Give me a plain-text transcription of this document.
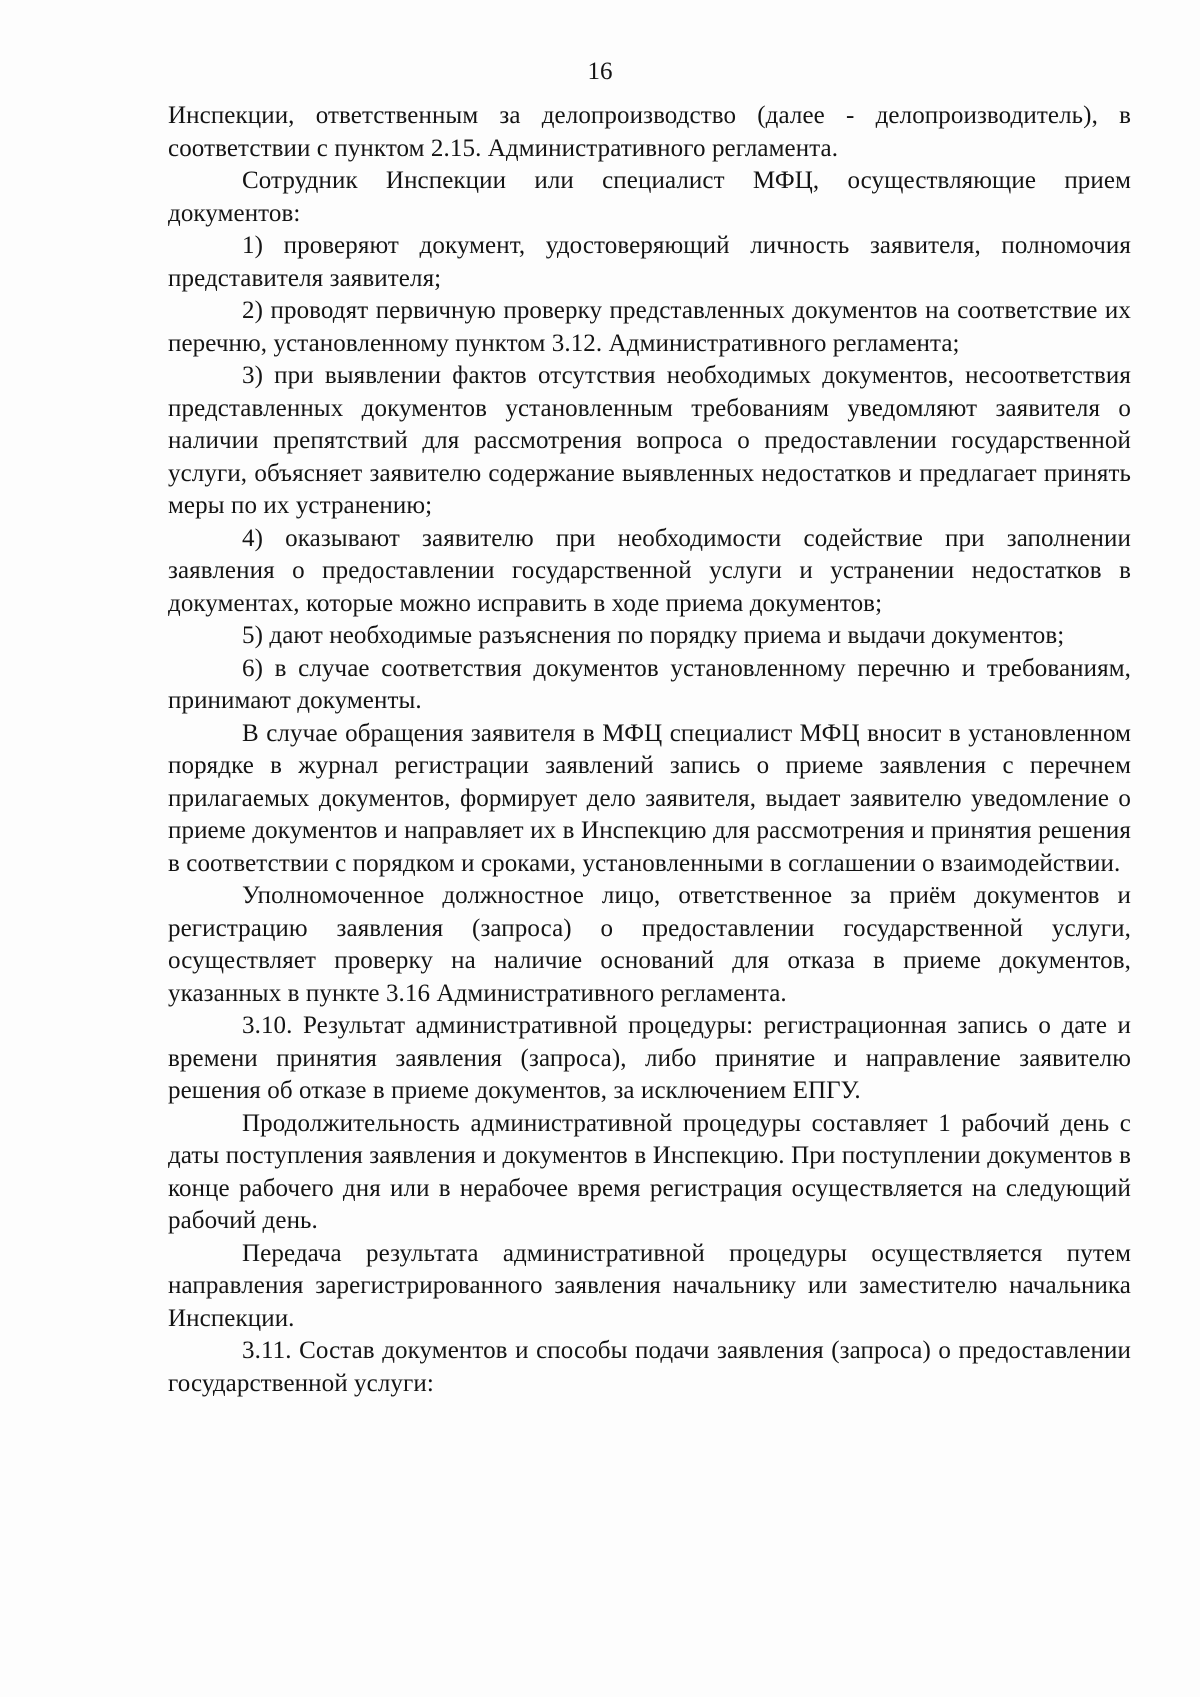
16

Инспекции, ответственным за делопроизводство (далее - делопроизводитель), в соответствии с пунктом 2.15. Административного регламента.

Сотрудник Инспекции или специалист МФЦ, осуществляющие прием документов:

1) проверяют документ, удостоверяющий личность заявителя, полномочия представителя заявителя;

2) проводят первичную проверку представленных документов на соответствие их перечню, установленному пунктом 3.12. Административного регламента;

3) при выявлении фактов отсутствия необходимых документов, несоответствия представленных документов установленным требованиям уведомляют заявителя о наличии препятствий для рассмотрения вопроса о предоставлении государственной услуги, объясняет заявителю содержание выявленных недостатков и предлагает принять меры по их устранению;

4) оказывают заявителю при необходимости содействие при заполнении заявления о предоставлении государственной услуги и устранении недостатков в документах, которые можно исправить в ходе приема документов;

5) дают необходимые разъяснения по порядку приема и выдачи документов;

6) в случае соответствия документов установленному перечню и требованиям, принимают документы.

В случае обращения заявителя в МФЦ специалист МФЦ вносит в установленном порядке в журнал регистрации заявлений запись о приеме заявления с перечнем прилагаемых документов, формирует дело заявителя, выдает заявителю уведомление о приеме документов и направляет их в Инспекцию для рассмотрения и принятия решения в соответствии с порядком и сроками, установленными в соглашении о взаимодействии.

Уполномоченное должностное лицо, ответственное за приём документов и регистрацию заявления (запроса) о предоставлении государственной услуги, осуществляет проверку на наличие оснований для отказа в приеме документов, указанных в пункте 3.16 Административного регламента.

3.10. Результат административной процедуры: регистрационная запись о дате и времени принятия заявления (запроса), либо принятие и направление заявителю решения об отказе в приеме документов, за исключением ЕПГУ.

Продолжительность административной процедуры составляет 1 рабочий день с даты поступления заявления и документов в Инспекцию. При поступлении документов в конце рабочего дня или в нерабочее время регистрация осуществляется на следующий рабочий день.

Передача результата административной процедуры осуществляется путем направления зарегистрированного заявления начальнику или заместителю начальника Инспекции.

3.11. Состав документов и способы подачи заявления (запроса) о предоставлении государственной услуги:
